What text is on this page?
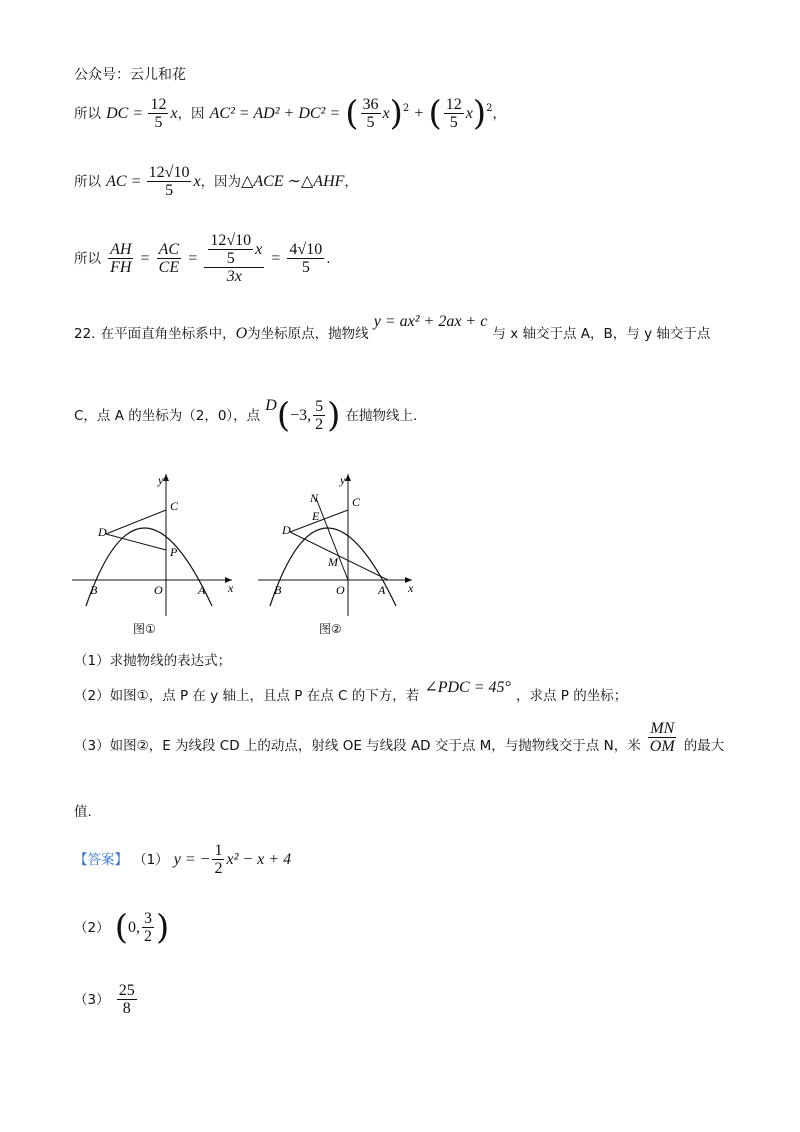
公众号：云儿和花
所以 DC = $\frac{12}{5}$ x，因 AC² = AD² + DC² = ( $\frac{36}{5} x)^2$ + ( $\frac{12}{5} x)^2$，
所以 AC = $\frac{12√10}{5}$ x，因为△ACE ∼△AHF，
所以 $\frac{AH}{FH} = \frac{AC}{CE} = \frac{\frac{12√10}{5} x}{3x} = \frac{4√10}{5}$ .
22. 在平面直角坐标系中，O为坐标原点，抛物线 y = ax² + 2ax + c 与 x 轴交于点 A，B，与 y 轴交于点
C，点 A 的坐标为（2，0），点 D(−3, $\frac{5}{2}$ ) 在抛物线上.
y
x
C
D
P
B	O	A
图①
y
x
C
N
E
D
M
B	O	A
图②
（1）求抛物线的表达式；
（2）如图①，点 P 在 y 轴上，且点 P 在点 C 的下方，若 ∠PDC = 45° ，求点 P 的坐标；
（3）如图②，E 为线段 CD 上的动点，射线 OE 与线段 AD 交于点 M，与抛物线交于点 N，米 $\frac{MN}{OM}$ 的最大
值.
【答案】 （1） y = − $\frac{1}{2} x^2 - x + 4$
（2） (0, $\frac{3}{2}$ )
$(3) \frac{25}{8}$
